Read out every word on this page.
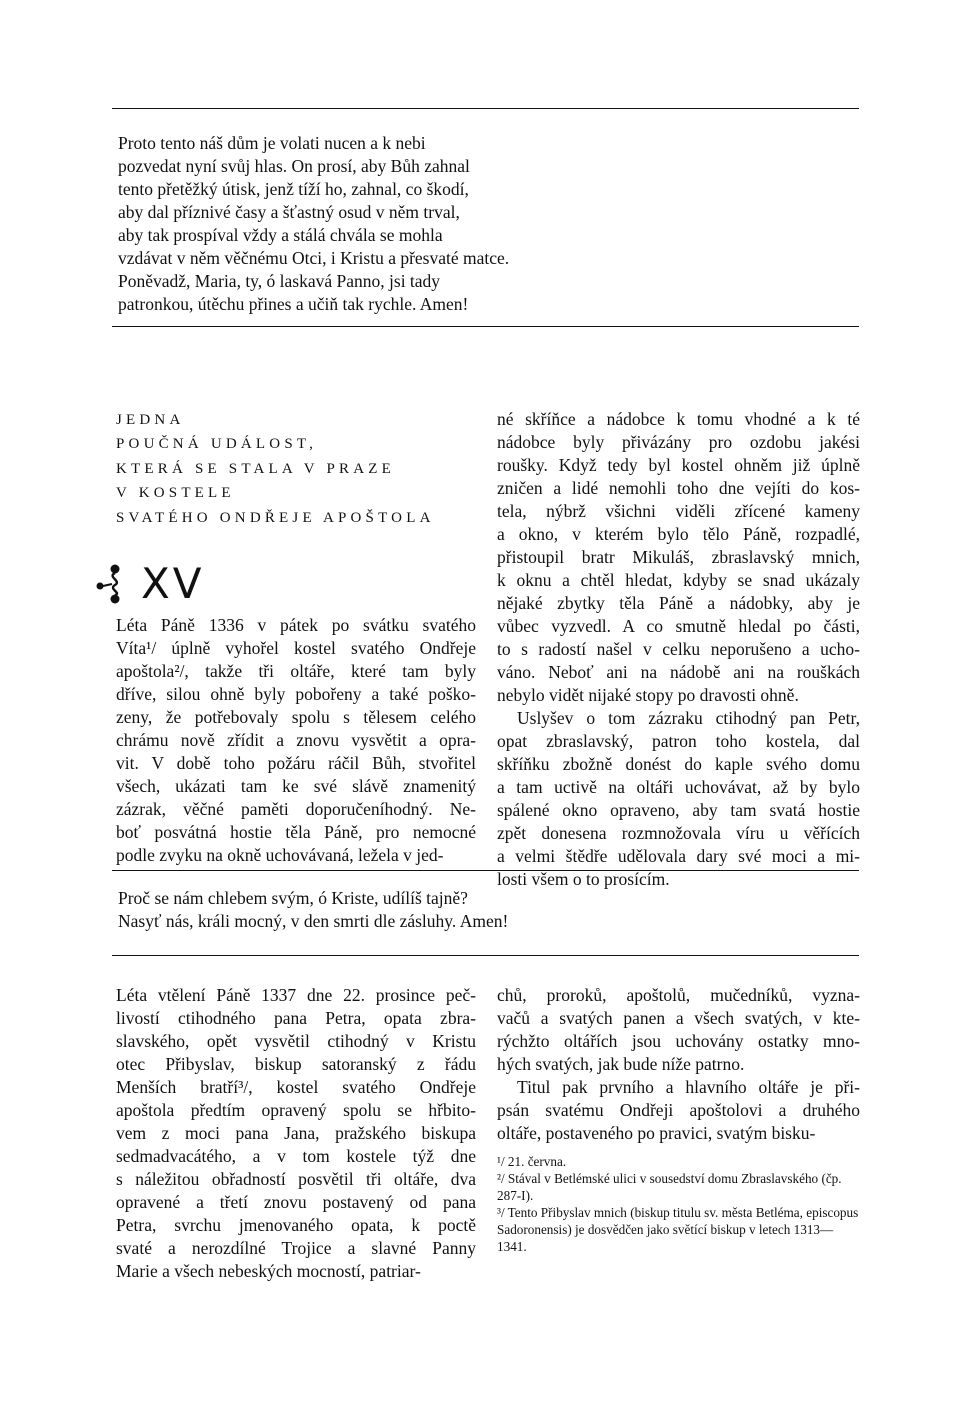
Proto tento náš dům je volati nucen a k nebi

pozvedat nyní svůj hlas. On prosí, aby Bůh zahnal

tento přetěžký útisk, jenž tíží ho, zahnal, co škodí,

aby dal příznivé časy a šťastný osud v něm trval,

aby tak prospíval vždy a stálá chvála se mohla

vzdávat v něm věčnému Otci, i Kristu a přesvaté matce.

Poněvadž, Maria, ty, ó laskavá Panno, jsi tady

patronkou, útěchu přines a učiň tak rychle. Amen!

JEDNA
POUČNÁ UDÁLOST,
KTERÁ SE STALA V PRAZE
V KOSTELE
SVATÉHO ONDŘEJE APOŠTOLA
XV
Léta Páně 1336 v pátek po svátku svatého
Víta¹/ úplně vyhořel kostel svatého Ondřeje
apoštola²/, takže tři oltáře, které tam byly
dříve, silou ohně byly pobořeny a také poško-
zeny, že potřebovaly spolu s tělesem celého
chrámu nově zřídit a znovu vysvětit a opra-
vit. V době toho požáru ráčil Bůh, stvořitel
všech, ukázati tam ke své slávě znamenitý
zázrak, věčné paměti doporučeníhodný. Ne-
boť posvátná hostie těla Páně, pro nemocné
podle zvyku na okně uchovávaná, ležela v jed-
né skříňce a nádobce k tomu vhodné a k té
nádobce byly přivázány pro ozdobu jakési
roušky. Když tedy byl kostel ohněm již úplně
zničen a lidé nemohli toho dne vejíti do kos-
tela, nýbrž všichni viděli zřícené kameny
a okno, v kterém bylo tělo Páně, rozpadlé,
přistoupil bratr Mikuláš, zbraslavský mnich,
k oknu a chtěl hledat, kdyby se snad ukázaly
nějaké zbytky těla Páně a nádobky, aby je
vůbec vyzvedl. A co smutně hledal po části,
to s radostí našel v celku neporušeno a ucho-
váno. Neboť ani na nádobě ani na rouškách
nebylo vidět nijaké stopy po dravosti ohně.
Uslyšev o tom zázraku ctihodný pan Petr,
opat zbraslavský, patron toho kostela, dal
skříňku zbožně donést do kaple svého domu
a tam uctivě na oltáři uchovávat, až by bylo
spálené okno opraveno, aby tam svatá hostie
zpět donesena rozmnožovala víru u věřících
a velmi štědře udělovala dary své moci a mi-
losti všem o to prosícím.

Proč se nám chlebem svým, ó Kriste, udílíš tajně?

Nasyť nás, králi mocný, v den smrti dle zásluhy. Amen!

Léta vtělení Páně 1337 dne 22. prosince peč-
livostí ctihodného pana Petra, opata zbra-
slavského, opět vysvětil ctihodný v Kristu
otec Přibyslav, biskup satoranský z řádu
Menších bratří³/, kostel svatého Ondřeje
apoštola předtím opravený spolu se hřbito-
vem z moci pana Jana, pražského biskupa
sedmadvacátého, a v tom kostele týž dne
s náležitou obřadností posvětil tři oltáře, dva
opravené a třetí znovu postavený od pana
Petra, svrchu jmenovaného opata, k poctě
svaté a nerozdílné Trojice a slavné Panny
Marie a všech nebeských mocností, patriar-
chů, proroků, apoštolů, mučedníků, vyzna-
vačů a svatých panen a všech svatých, v kte-
rýchžto oltářích jsou uchovány ostatky mno-
hých svatých, jak bude níže patrno.
Titul pak prvního a hlavního oltáře je při-
psán svatému Ondřeji apoštolovi a druhého
oltáře, postaveného po pravici, svatým bisku-

¹/ 21. června.

²/ Stával v Betlémské ulici v sousedství domu Zbraslavského (čp. 287-I).

³/ Tento Přibyslav mnich (biskup titulu sv. města Betléma, episcopus Sadoronensis) je dosvědčen jako světící biskup v letech 1313—1341.
